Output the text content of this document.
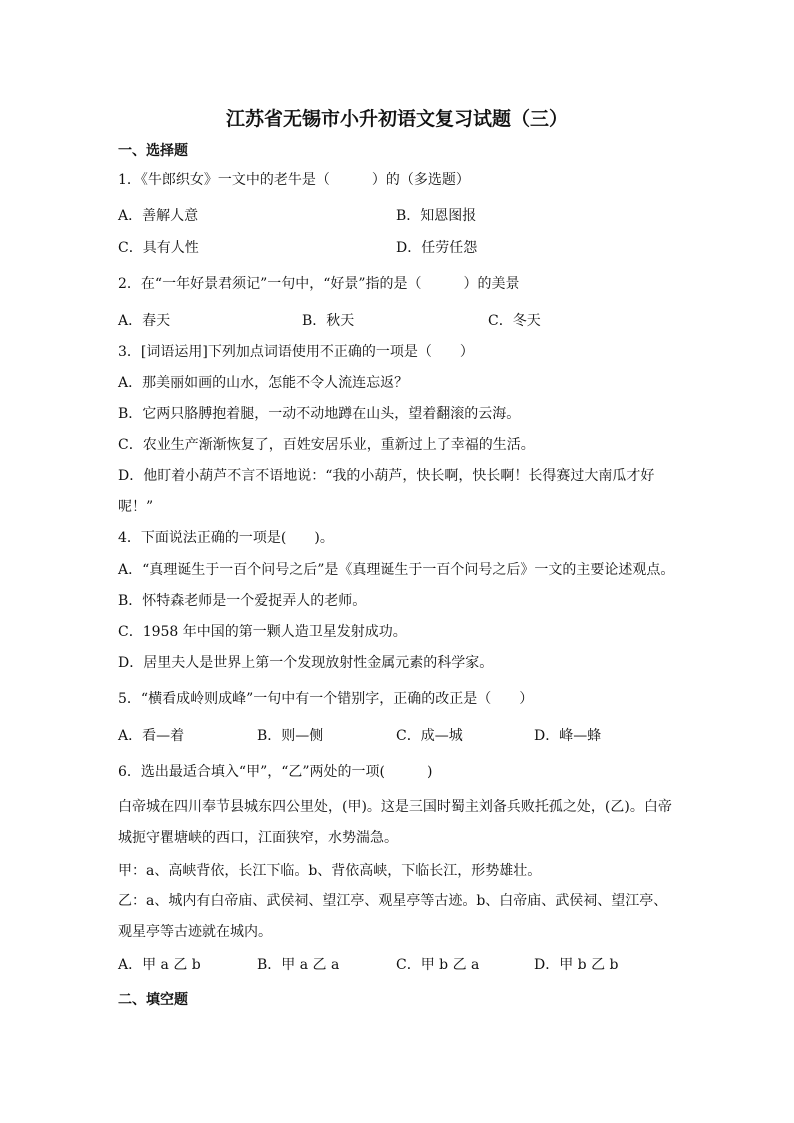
江苏省无锡市小升初语文复习试题（三）
一、选择题
1．《牛郎织女》一文中的老牛是（　　　）的（多选题）
A．善解人意	B．知恩图报
C．具有人性	D．任劳任怨
2．在“一年好景君须记”一句中，“好景”指的是（　　　）的美景
A．春天	B．秋天	C．冬天
3．[词语运用]下列加点词语使用不正确的一项是（　　）
A．那美丽如画的山水，怎能不令人流连忘返？
B．它两只胳膊抱着腿，一动不动地蹲在山头，望着翻滚的云海。
C．农业生产渐渐恢复了，百姓安居乐业，重新过上了幸福的生活。
D．他盯着小葫芦不言不语地说：“我的小葫芦，快长啊，快长啊！长得赛过大南瓜才好
呢！”
4．下面说法正确的一项是(　　)。
A．“真理诞生于一百个问号之后”是《真理诞生于一百个问号之后》一文的主要论述观点。
B．怀特森老师是一个爱捉弄人的老师。
C．1958 年中国的第一颗人造卫星发射成功。
D．居里夫人是世界上第一个发现放射性金属元素的科学家。
5．“横看成岭则成峰”一句中有一个错别字，正确的改正是（　　）
A．看—着	B．则—侧	C．成—城	D．峰—蜂
6．选出最适合填入“甲”，“乙”两处的一项(　　　)
白帝城在四川奉节县城东四公里处，(甲)。这是三国时蜀主刘备兵败托孤之处，(乙)。白帝城扼守瞿塘峡的西口，江面狭窄，水势湍急。
甲：a、高峡背依，长江下临。b、背依高峡，下临长江，形势雄壮。
乙：a、城内有白帝庙、武侯祠、望江亭、观星亭等古迹。b、白帝庙、武侯祠、望江亭、观星亭等古迹就在城内。
A．甲 a 乙 b	B．甲 a 乙 a	C．甲 b 乙 a	D．甲 b 乙 b
二、填空题
